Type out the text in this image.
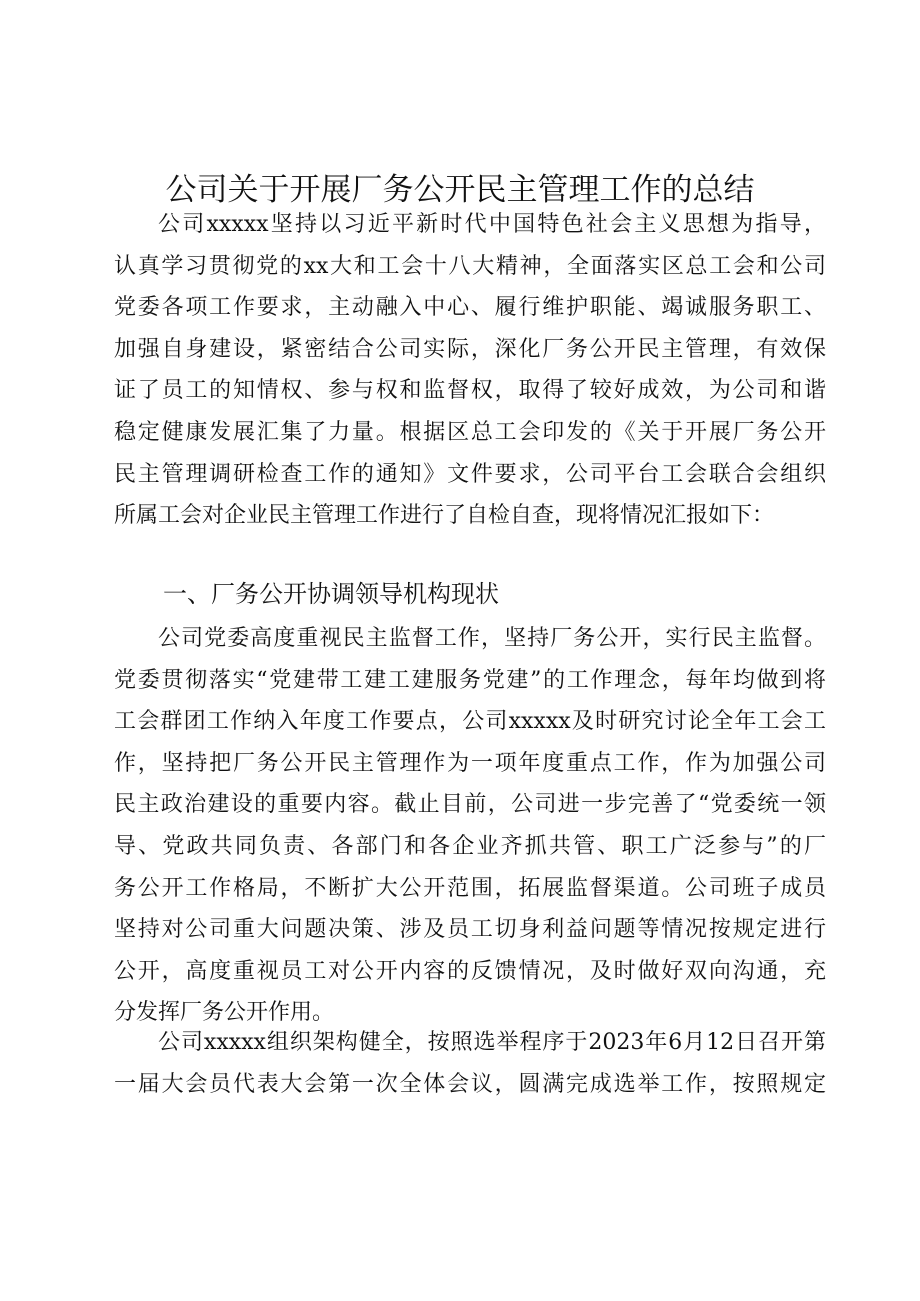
公司关于开展厂务公开民主管理工作的总结
公司xxxxx坚持以习近平新时代中国特色社会主义思想为指导，
认真学习贯彻党的xx大和工会十八大精神，全面落实区总工会和公司
党委各项工作要求，主动融入中心、履行维护职能、竭诚服务职工、
加强自身建设，紧密结合公司实际，深化厂务公开民主管理，有效保
证了员工的知情权、参与权和监督权，取得了较好成效，为公司和谐
稳定健康发展汇集了力量。根据区总工会印发的《关于开展厂务公开
民主管理调研检查工作的通知》文件要求，公司平台工会联合会组织
所属工会对企业民主管理工作进行了自检自查，现将情况汇报如下：
一、厂务公开协调领导机构现状
公司党委高度重视民主监督工作，坚持厂务公开，实行民主监督。
党委贯彻落实“党建带工建工建服务党建”的工作理念，每年均做到将
工会群团工作纳入年度工作要点，公司xxxxx及时研究讨论全年工会工
作，坚持把厂务公开民主管理作为一项年度重点工作，作为加强公司
民主政治建设的重要内容。截止目前，公司进一步完善了“党委统一领
导、党政共同负责、各部门和各企业齐抓共管、职工广泛参与”的厂
务公开工作格局，不断扩大公开范围，拓展监督渠道。公司班子成员
坚持对公司重大问题决策、涉及员工切身利益问题等情况按规定进行
公开，高度重视员工对公开内容的反馈情况，及时做好双向沟通，充
分发挥厂务公开作用。
公司xxxxx组织架构健全，按照选举程序于2023年6月12日召开第
一届大会员代表大会第一次全体会议，圆满完成选举工作，按照规定
